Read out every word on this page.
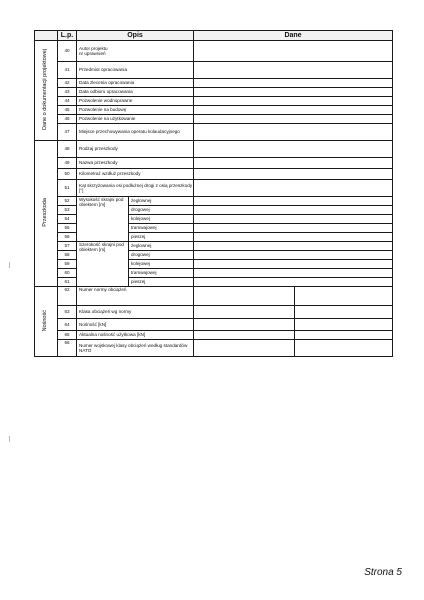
	L.p.	Opis		Dane	
Dane o dokumentacji projektowej	40	Autor projektu
nr uprawnień			
	41	Przedmiot opracowania			
	42	Data zlecenia opracowania			
	43	Data odbioru opracowania			
	44	Pozwolenie wodnoprawne			
	45	Pozwolenie na budowę			
	46	Pozwolenie na użytkowanie			
	47	Miejsce przechowywania operatu kolaudacyjnego			
Przeszkoda	48	Rodzaj przeszkody			
	49	Nazwa przeszkody			
	50	Kilometraż wzdłuż przeszkody			
	51	Kąt skrzyżowania osi podłużnej drogi z osią przeszkody [°]			
	52	Wysokość skrajni pod obiektem [m]	żeglownej		
	53		drogowej		
	54		kolejowej		
	55		tramwajowej		
	56		pieszej		
	57	Szerokość skrajni pod obiektem [m]	żeglownej		
	58		drogowej		
	59		kolejowej		
	60		tramwajowej		
	61		pieszej		
Nośność	62	Numer normy obciążeń			
	63	Klasa obciążeń wg normy			
	64	Nośność [kN]			
	65	Aktualna nośność użytkowa [kN]			
	66	Numer wojskowej klasy obciążeń według standardów NATO			
Strona 5
